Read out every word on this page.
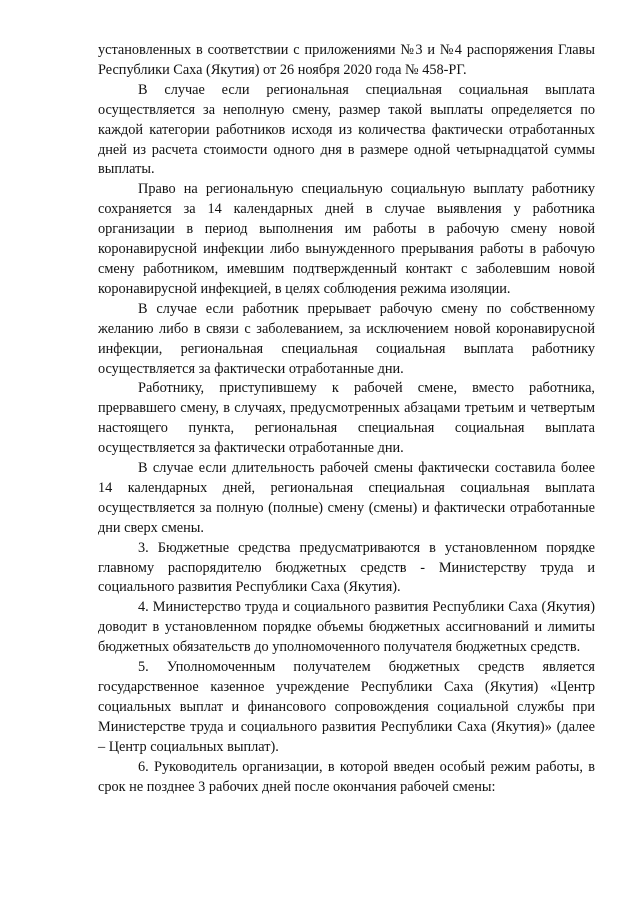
установленных в соответствии с приложениями №3 и №4 распоряжения Главы Республики Саха (Якутия) от 26 ноября 2020 года № 458-РГ.

В случае если региональная специальная социальная выплата осуществляется за неполную смену, размер такой выплаты определяется по каждой категории работников исходя из количества фактически отработанных дней из расчета стоимости одного дня в размере одной четырнадцатой суммы выплаты.

Право на региональную специальную социальную выплату работнику сохраняется за 14 календарных дней в случае выявления у работника организации в период выполнения им работы в рабочую смену новой коронавирусной инфекции либо вынужденного прерывания работы в рабочую смену работником, имевшим подтвержденный контакт с заболевшим новой коронавирусной инфекцией, в целях соблюдения режима изоляции.

В случае если работник прерывает рабочую смену по собственному желанию либо в связи с заболеванием, за исключением новой коронавирусной инфекции, региональная специальная социальная выплата работнику осуществляется за фактически отработанные дни.

Работнику, приступившему к рабочей смене, вместо работника, прервавшего смену, в случаях, предусмотренных абзацами третьим и четвертым настоящего пункта, региональная специальная социальная выплата осуществляется за фактически отработанные дни.

В случае если длительность рабочей смены фактически составила более 14 календарных дней, региональная специальная социальная выплата осуществляется за полную (полные) смену (смены) и фактически отработанные дни сверх смены.

3. Бюджетные средства предусматриваются в установленном порядке главному распорядителю бюджетных средств - Министерству труда и социального развития Республики Саха (Якутия).

4. Министерство труда и социального развития Республики Саха (Якутия) доводит в установленном порядке объемы бюджетных ассигнований и лимиты бюджетных обязательств до уполномоченного получателя бюджетных средств.

5. Уполномоченным получателем бюджетных средств является государственное казенное учреждение Республики Саха (Якутия) «Центр социальных выплат и финансового сопровождения социальной службы при Министерстве труда и социального развития Республики Саха (Якутия)» (далее – Центр социальных выплат).

6. Руководитель организации, в которой введен особый режим работы, в срок не позднее 3 рабочих дней после окончания рабочей смены:
